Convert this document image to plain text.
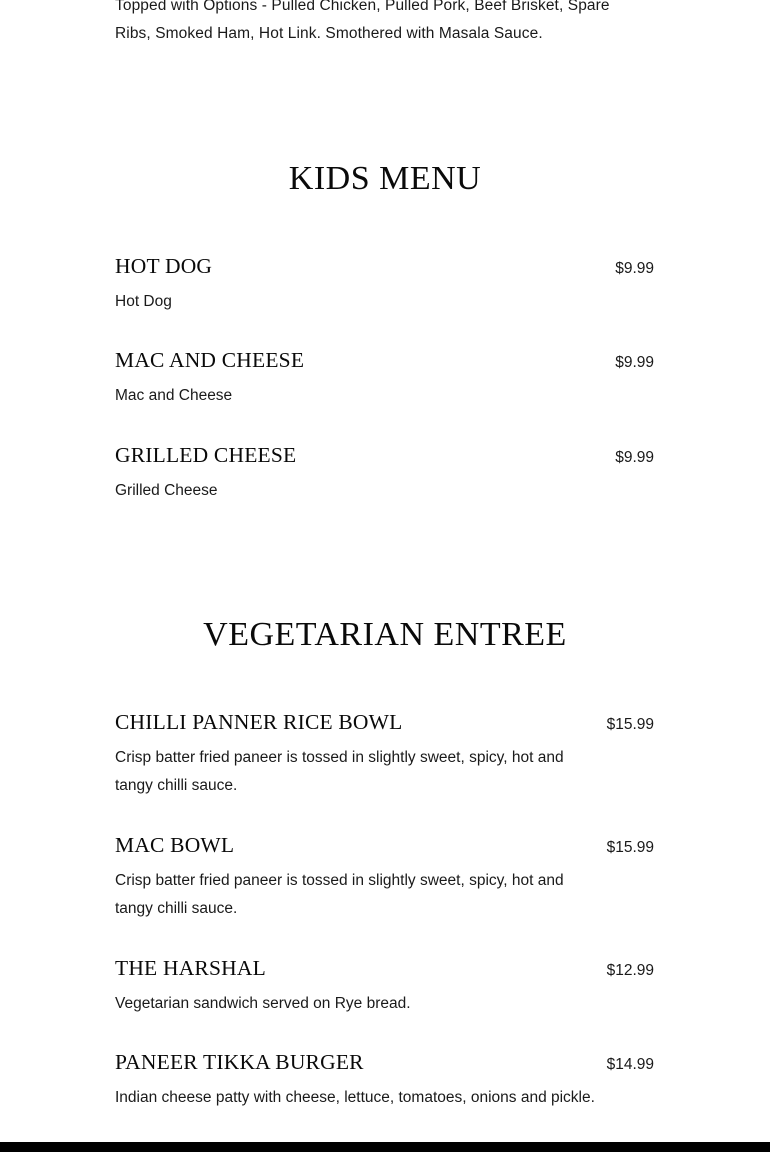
Topped with Options - Pulled Chicken, Pulled Pork, Beef Brisket, Spare Ribs, Smoked Ham, Hot Link. Smothered with Masala Sauce.
KIDS MENU
HOT DOG	$9.99
Hot Dog
MAC AND CHEESE	$9.99
Mac and Cheese
GRILLED CHEESE	$9.99
Grilled Cheese
VEGETARIAN ENTREE
CHILLI PANNER RICE BOWL	$15.99
Crisp batter fried paneer is tossed in slightly sweet, spicy, hot and tangy chilli sauce.
MAC BOWL	$15.99
Crisp batter fried paneer is tossed in slightly sweet, spicy, hot and tangy chilli sauce.
THE HARSHAL	$12.99
Vegetarian sandwich served on Rye bread.
PANEER TIKKA BURGER	$14.99
Indian cheese patty with cheese, lettuce, tomatoes, onions and pickle.
